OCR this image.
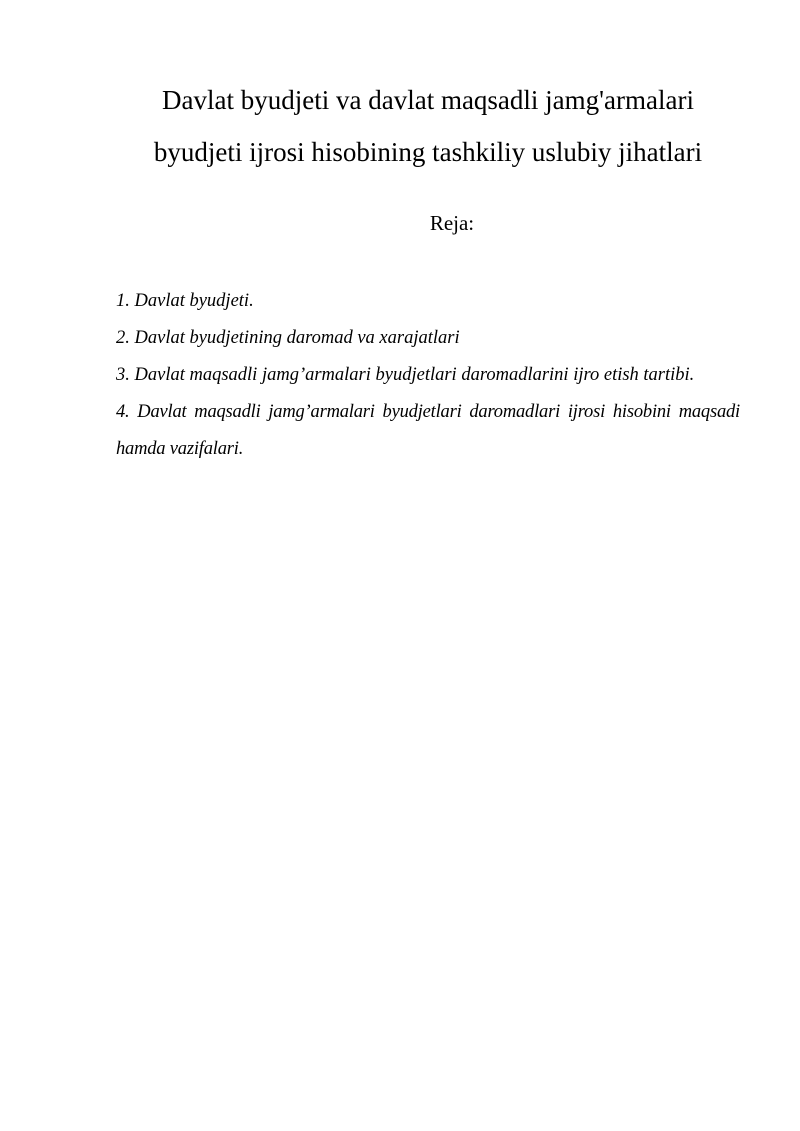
Davlat byudjeti va davlat maqsadli jamg'armalari
byudjeti ijrosi hisobining tashkiliy uslubiy jihatlari

Reja:

1. Davlat byudjeti.
2. Davlat byudjetining daromad va xarajatlari
3. Davlat maqsadli jamg’armalari byudjetlari daromadlarini ijro etish tartibi.
4. Davlat maqsadli jamg’armalari byudjetlari daromadlari ijrosi hisobini maqsadi hamda vazifalari.
